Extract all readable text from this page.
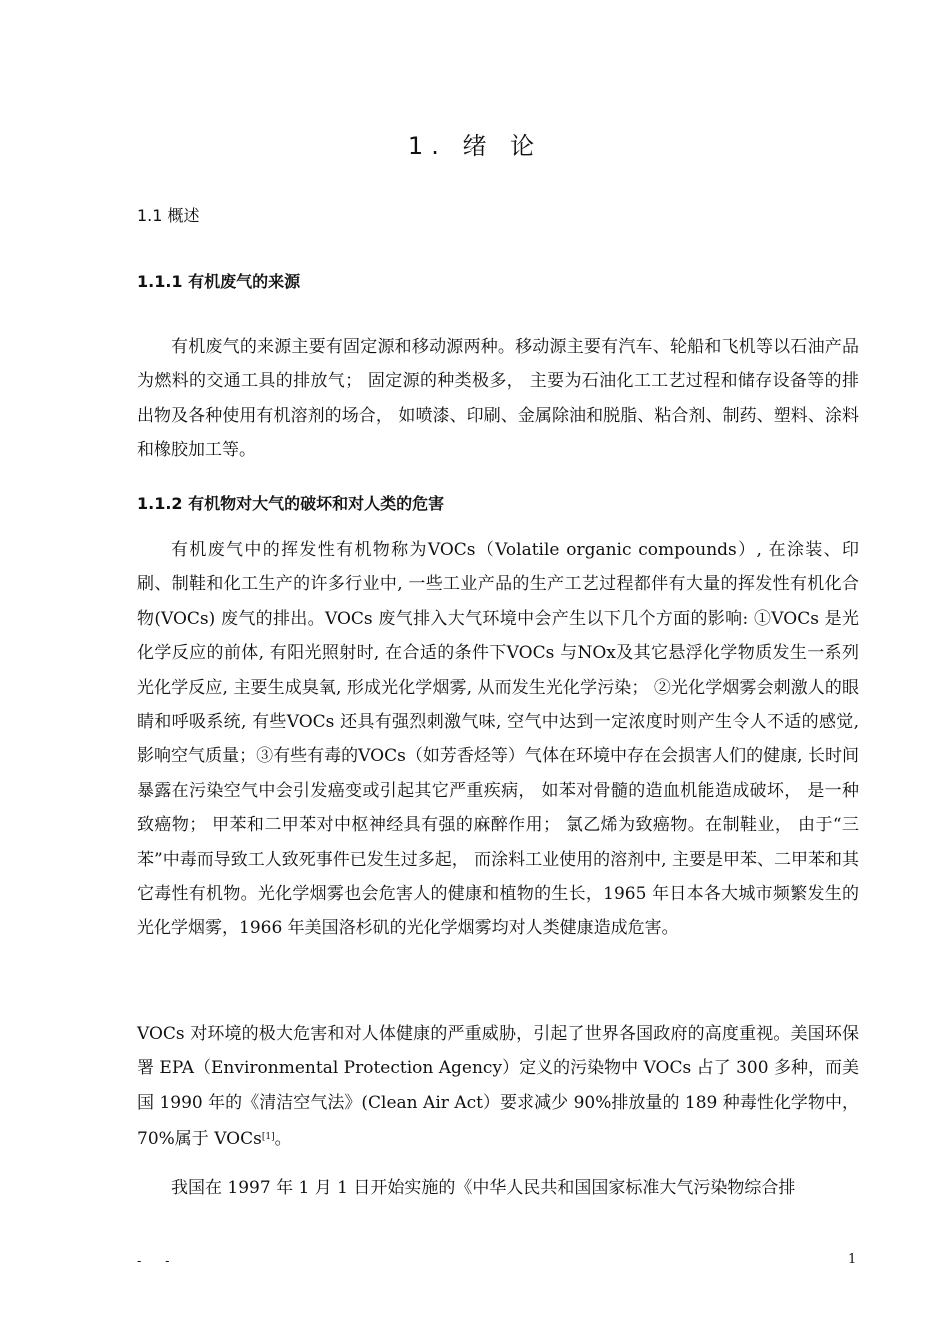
1. 绪 论
1.1 概述
1.1.1 有机废气的来源

有机废气的来源主要有固定源和移动源两种。移动源主要有汽车、轮船和飞机等以石油产品为燃料的交通工具的排放气； 固定源的种类极多， 主要为石油化工工艺过程和储存设备等的排出物及各种使用有机溶剂的场合， 如喷漆、印刷、金属除油和脱脂、粘合剂、制药、塑料、涂料和橡胶加工等。

1.1.2 有机物对大气的破坏和对人类的危害

有机废气中的挥发性有机物称为VOCs（Volatile organic compounds）, 在涂装、印刷、制鞋和化工生产的许多行业中, 一些工业产品的生产工艺过程都伴有大量的挥发性有机化合物(VOCs) 废气的排出。VOCs 废气排入大气环境中会产生以下几个方面的影响: ①VOCs 是光化学反应的前体, 有阳光照射时, 在合适的条件下VOCs 与NOx及其它悬浮化学物质发生一系列光化学反应, 主要生成臭氧, 形成光化学烟雾, 从而发生光化学污染； ②光化学烟雾会刺激人的眼睛和呼吸系统, 有些VOCs 还具有强烈刺激气味, 空气中达到一定浓度时则产生令人不适的感觉, 影响空气质量；③有些有毒的VOCs（如芳香烃等）气体在环境中存在会损害人们的健康, 长时间暴露在污染空气中会引发癌变或引起其它严重疾病， 如苯对骨髓的造血机能造成破坏， 是一种致癌物； 甲苯和二甲苯对中枢神经具有强的麻醉作用； 氯乙烯为致癌物。在制鞋业， 由于“三苯”中毒而导致工人致死事件已发生过多起， 而涂料工业使用的溶剂中, 主要是甲苯、二甲苯和其它毒性有机物。光化学烟雾也会危害人的健康和植物的生长，1965 年日本各大城市频繁发生的光化学烟雾，1966 年美国洛杉矶的光化学烟雾均对人类健康造成危害。

VOCs 对环境的极大危害和对人体健康的严重威胁，引起了世界各国政府的高度重视。美国环保署 EPA（Environmental Protection Agency）定义的污染物中 VOCs 占了 300 多种，而美国 1990 年的《清洁空气法》(Clean Air Act）要求减少 90%排放量的 189 种毒性化学物中，70%属于 VOCs[1]。

我国在 1997 年 1 月 1 日开始实施的《中华人民共和国国家标准大气污染物综合排

- -	1
